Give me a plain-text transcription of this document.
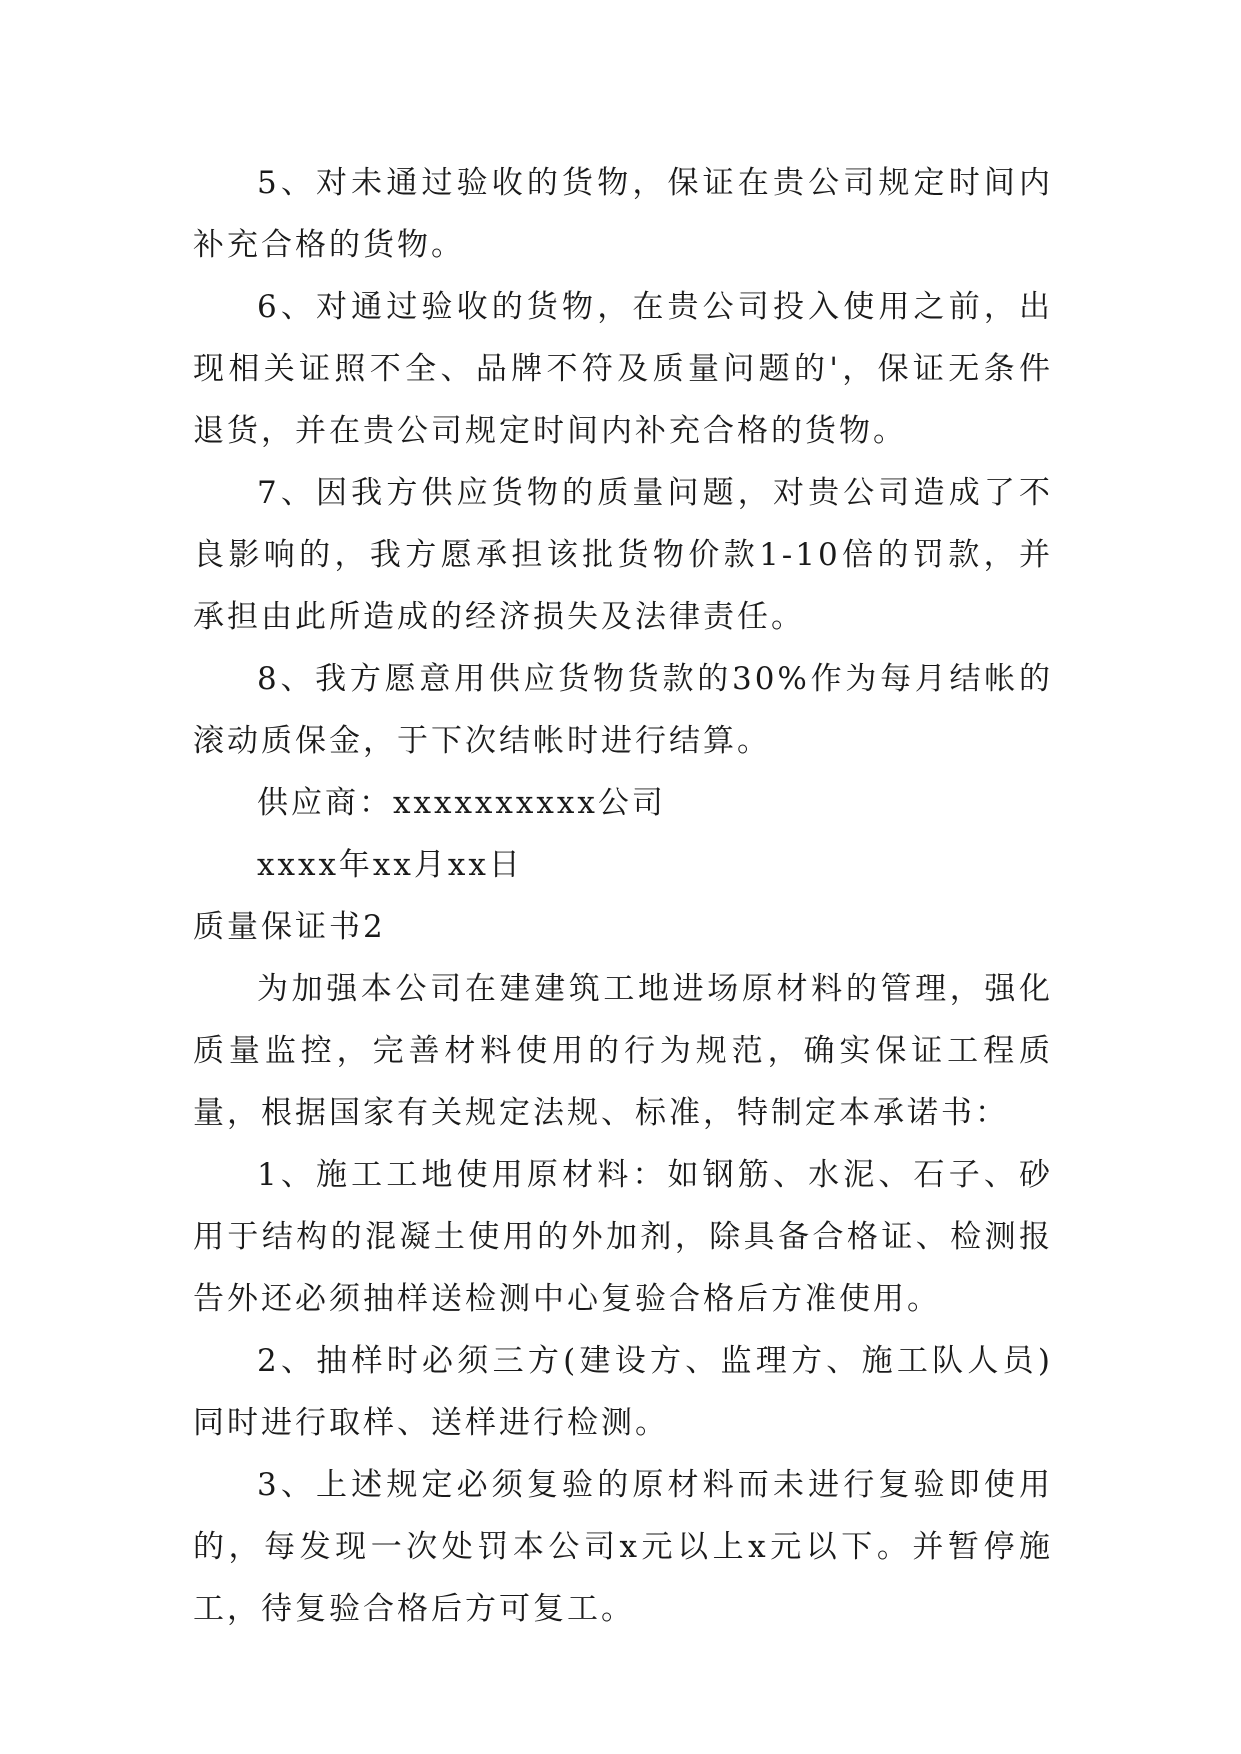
5、对未通过验收的货物，保证在贵公司规定时间内补充合格的货物。

6、对通过验收的货物，在贵公司投入使用之前，出现相关证照不全、品牌不符及质量问题的'，保证无条件退货，并在贵公司规定时间内补充合格的货物。

7、因我方供应货物的质量问题，对贵公司造成了不良影响的，我方愿承担该批货物价款1-10倍的罚款，并承担由此所造成的经济损失及法律责任。

8、我方愿意用供应货物货款的30%作为每月结帐的滚动质保金，于下次结帐时进行结算。

供应商：xxxxxxxxxx公司

xxxx年xx月xx日

质量保证书2

为加强本公司在建建筑工地进场原材料的管理，强化质量监控，完善材料使用的行为规范，确实保证工程质量，根据国家有关规定法规、标准，特制定本承诺书：

1、施工工地使用原材料：如钢筋、水泥、石子、砂用于结构的混凝土使用的外加剂，除具备合格证、检测报告外还必须抽样送检测中心复验合格后方准使用。

2、抽样时必须三方(建设方、监理方、施工队人员)同时进行取样、送样进行检测。

3、上述规定必须复验的原材料而未进行复验即使用的，每发现一次处罚本公司x元以上x元以下。并暂停施工，待复验合格后方可复工。
